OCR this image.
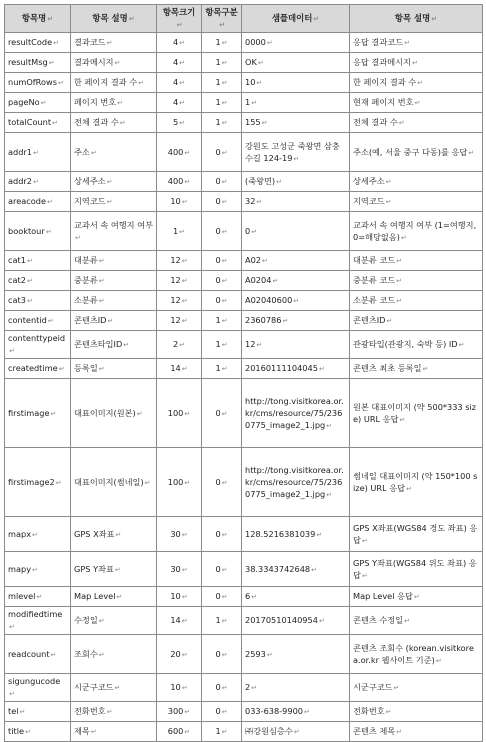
항목명↵	항목 설명↵	항목크기↵	항목구분↵	샘플데이터↵	항목 설명↵
resultCode↵	결과코드↵	4↵	1↵	0000↵	응답 결과코드↵
resultMsg↵	결과메시지↵	4↵	1↵	OK↵	응답 결과메시지↵
numOfRows↵	한 페이지 결과 수↵	4↵	1↵	10↵	한 페이지 결과 수↵
pageNo↵	페이지 번호↵	4↵	1↵	1↵	현재 페이지 번호↵
totalCount↵	전체 결과 수↵	5↵	1↵	155↵	전체 결과 수↵
addr1↵	주소↵	400↵	0↵	강원도 고성군 죽왕면 삼충수길 124-19↵	주소(예, 서울 중구 다동)를 응답↵
addr2↵	상세주소↵	400↵	0↵	(죽왕면)↵	상세주소↵
areacode↵	지역코드↵	10↵	0↵	32↵	지역코드↵
booktour↵	교과서 속 여행지 여부↵	1↵	0↵	0↵	교과서 속 여행지 여부 (1=여행지, 0=해당없음)↵
cat1↵	대분류↵	12↵	0↵	A02↵	대분류 코드↵
cat2↵	중분류↵	12↵	0↵	A0204↵	중분류 코드↵
cat3↵	소분류↵	12↵	0↵	A02040600↵	소분류 코드↵
contentid↵	콘텐츠ID↵	12↵	1↵	2360786↵	콘텐츠ID↵
contenttypeid↵	콘텐츠타입ID↵	2↵	1↵	12↵	관광타입(관광지, 숙박 등) ID↵
createdtime↵	등록일↵	14↵	1↵	20160111104045↵	콘텐츠 최초 등록일↵
firstimage↵	대표이미지(원본)↵	100↵	0↵	http://tong.visitkorea.or.kr/cms/resource/75/2360775_image2_1.jpg↵	원본 대표이미지 (약 500*333 size) URL 응답↵
firstimage2↵	대표이미지(썸네일)↵	100↵	0↵	http://tong.visitkorea.or.kr/cms/resource/75/2360775_image2_1.jpg↵	썸네일 대표이미지 (약 150*100 size) URL 응답↵
mapx↵	GPS X좌표↵	30↵	0↵	128.5216381039↵	GPS X좌표(WGS84 경도 좌표) 응답↵
mapy↵	GPS Y좌표↵	30↵	0↵	38.3343742648↵	GPS Y좌표(WGS84 위도 좌표) 응답↵
mlevel↵	Map Level↵	10↵	0↵	6↵	Map Level 응답↵
modifiedtime↵	수정일↵	14↵	1↵	20170510140954↵	콘텐츠 수정일↵
readcount↵	조회수↵	20↵	0↵	2593↵	콘텐츠 조회수 (korean.visitkorea.or.kr 웹사이트 기준)↵
sigungucode↵	시군구코드↵	10↵	0↵	2↵	시군구코드↵
tel↵	전화번호↵	300↵	0↵	033-638-9900↵	전화번호↵
title↵	제목↵	600↵	1↵	㈜강원심층수↵	콘텐츠 제목↵
